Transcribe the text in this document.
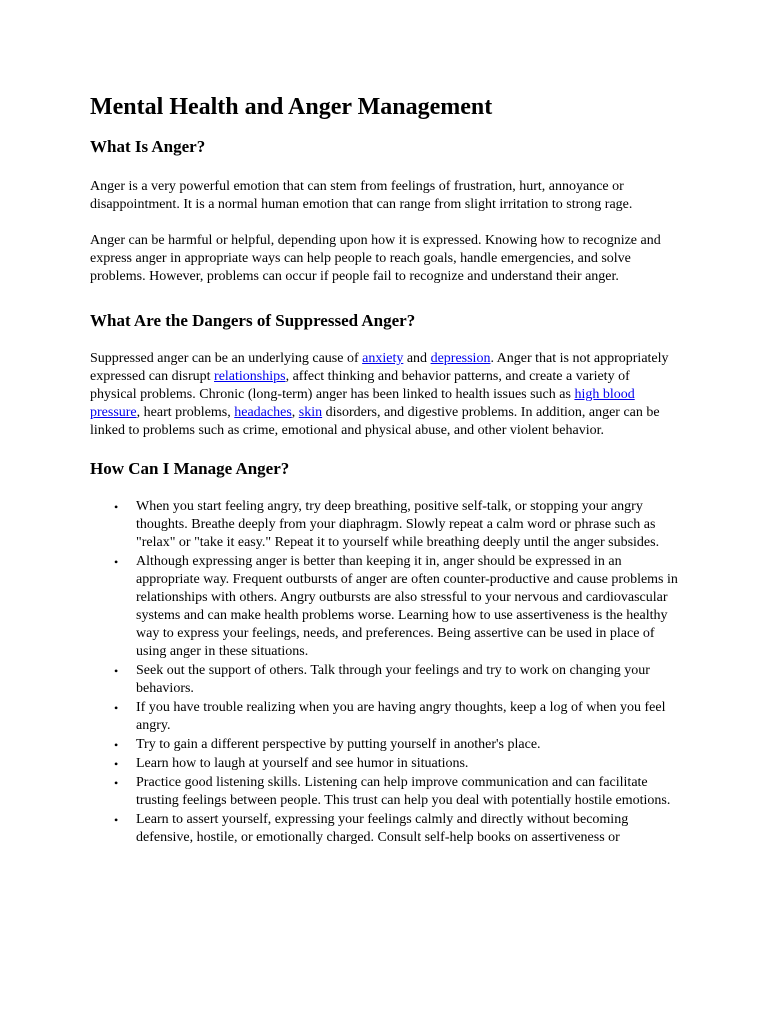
Mental Health and Anger Management
What Is Anger?

Anger is a very powerful emotion that can stem from feelings of frustration, hurt, annoyance or disappointment. It is a normal human emotion that can range from slight irritation to strong rage.

Anger can be harmful or helpful, depending upon how it is expressed. Knowing how to recognize and express anger in appropriate ways can help people to reach goals, handle emergencies, and solve problems. However, problems can occur if people fail to recognize and understand their anger.

What Are the Dangers of Suppressed Anger?

Suppressed anger can be an underlying cause of anxiety and depression. Anger that is not appropriately expressed can disrupt relationships, affect thinking and behavior patterns, and create a variety of physical problems. Chronic (long-term) anger has been linked to health issues such as high blood pressure, heart problems, headaches, skin disorders, and digestive problems. In addition, anger can be linked to problems such as crime, emotional and physical abuse, and other violent behavior.

How Can I Manage Anger?
• When you start feeling angry, try deep breathing, positive self-talk, or stopping your angry thoughts. Breathe deeply from your diaphragm. Slowly repeat a calm word or phrase such as "relax" or "take it easy." Repeat it to yourself while breathing deeply until the anger subsides.
• Although expressing anger is better than keeping it in, anger should be expressed in an appropriate way. Frequent outbursts of anger are often counter-productive and cause problems in relationships with others. Angry outbursts are also stressful to your nervous and cardiovascular systems and can make health problems worse. Learning how to use assertiveness is the healthy way to express your feelings, needs, and preferences. Being assertive can be used in place of using anger in these situations.
• Seek out the support of others. Talk through your feelings and try to work on changing your behaviors.
• If you have trouble realizing when you are having angry thoughts, keep a log of when you feel angry.
• Try to gain a different perspective by putting yourself in another's place.
• Learn how to laugh at yourself and see humor in situations.
• Practice good listening skills. Listening can help improve communication and can facilitate trusting feelings between people. This trust can help you deal with potentially hostile emotions.
• Learn to assert yourself, expressing your feelings calmly and directly without becoming defensive, hostile, or emotionally charged. Consult self-help books on assertiveness or
